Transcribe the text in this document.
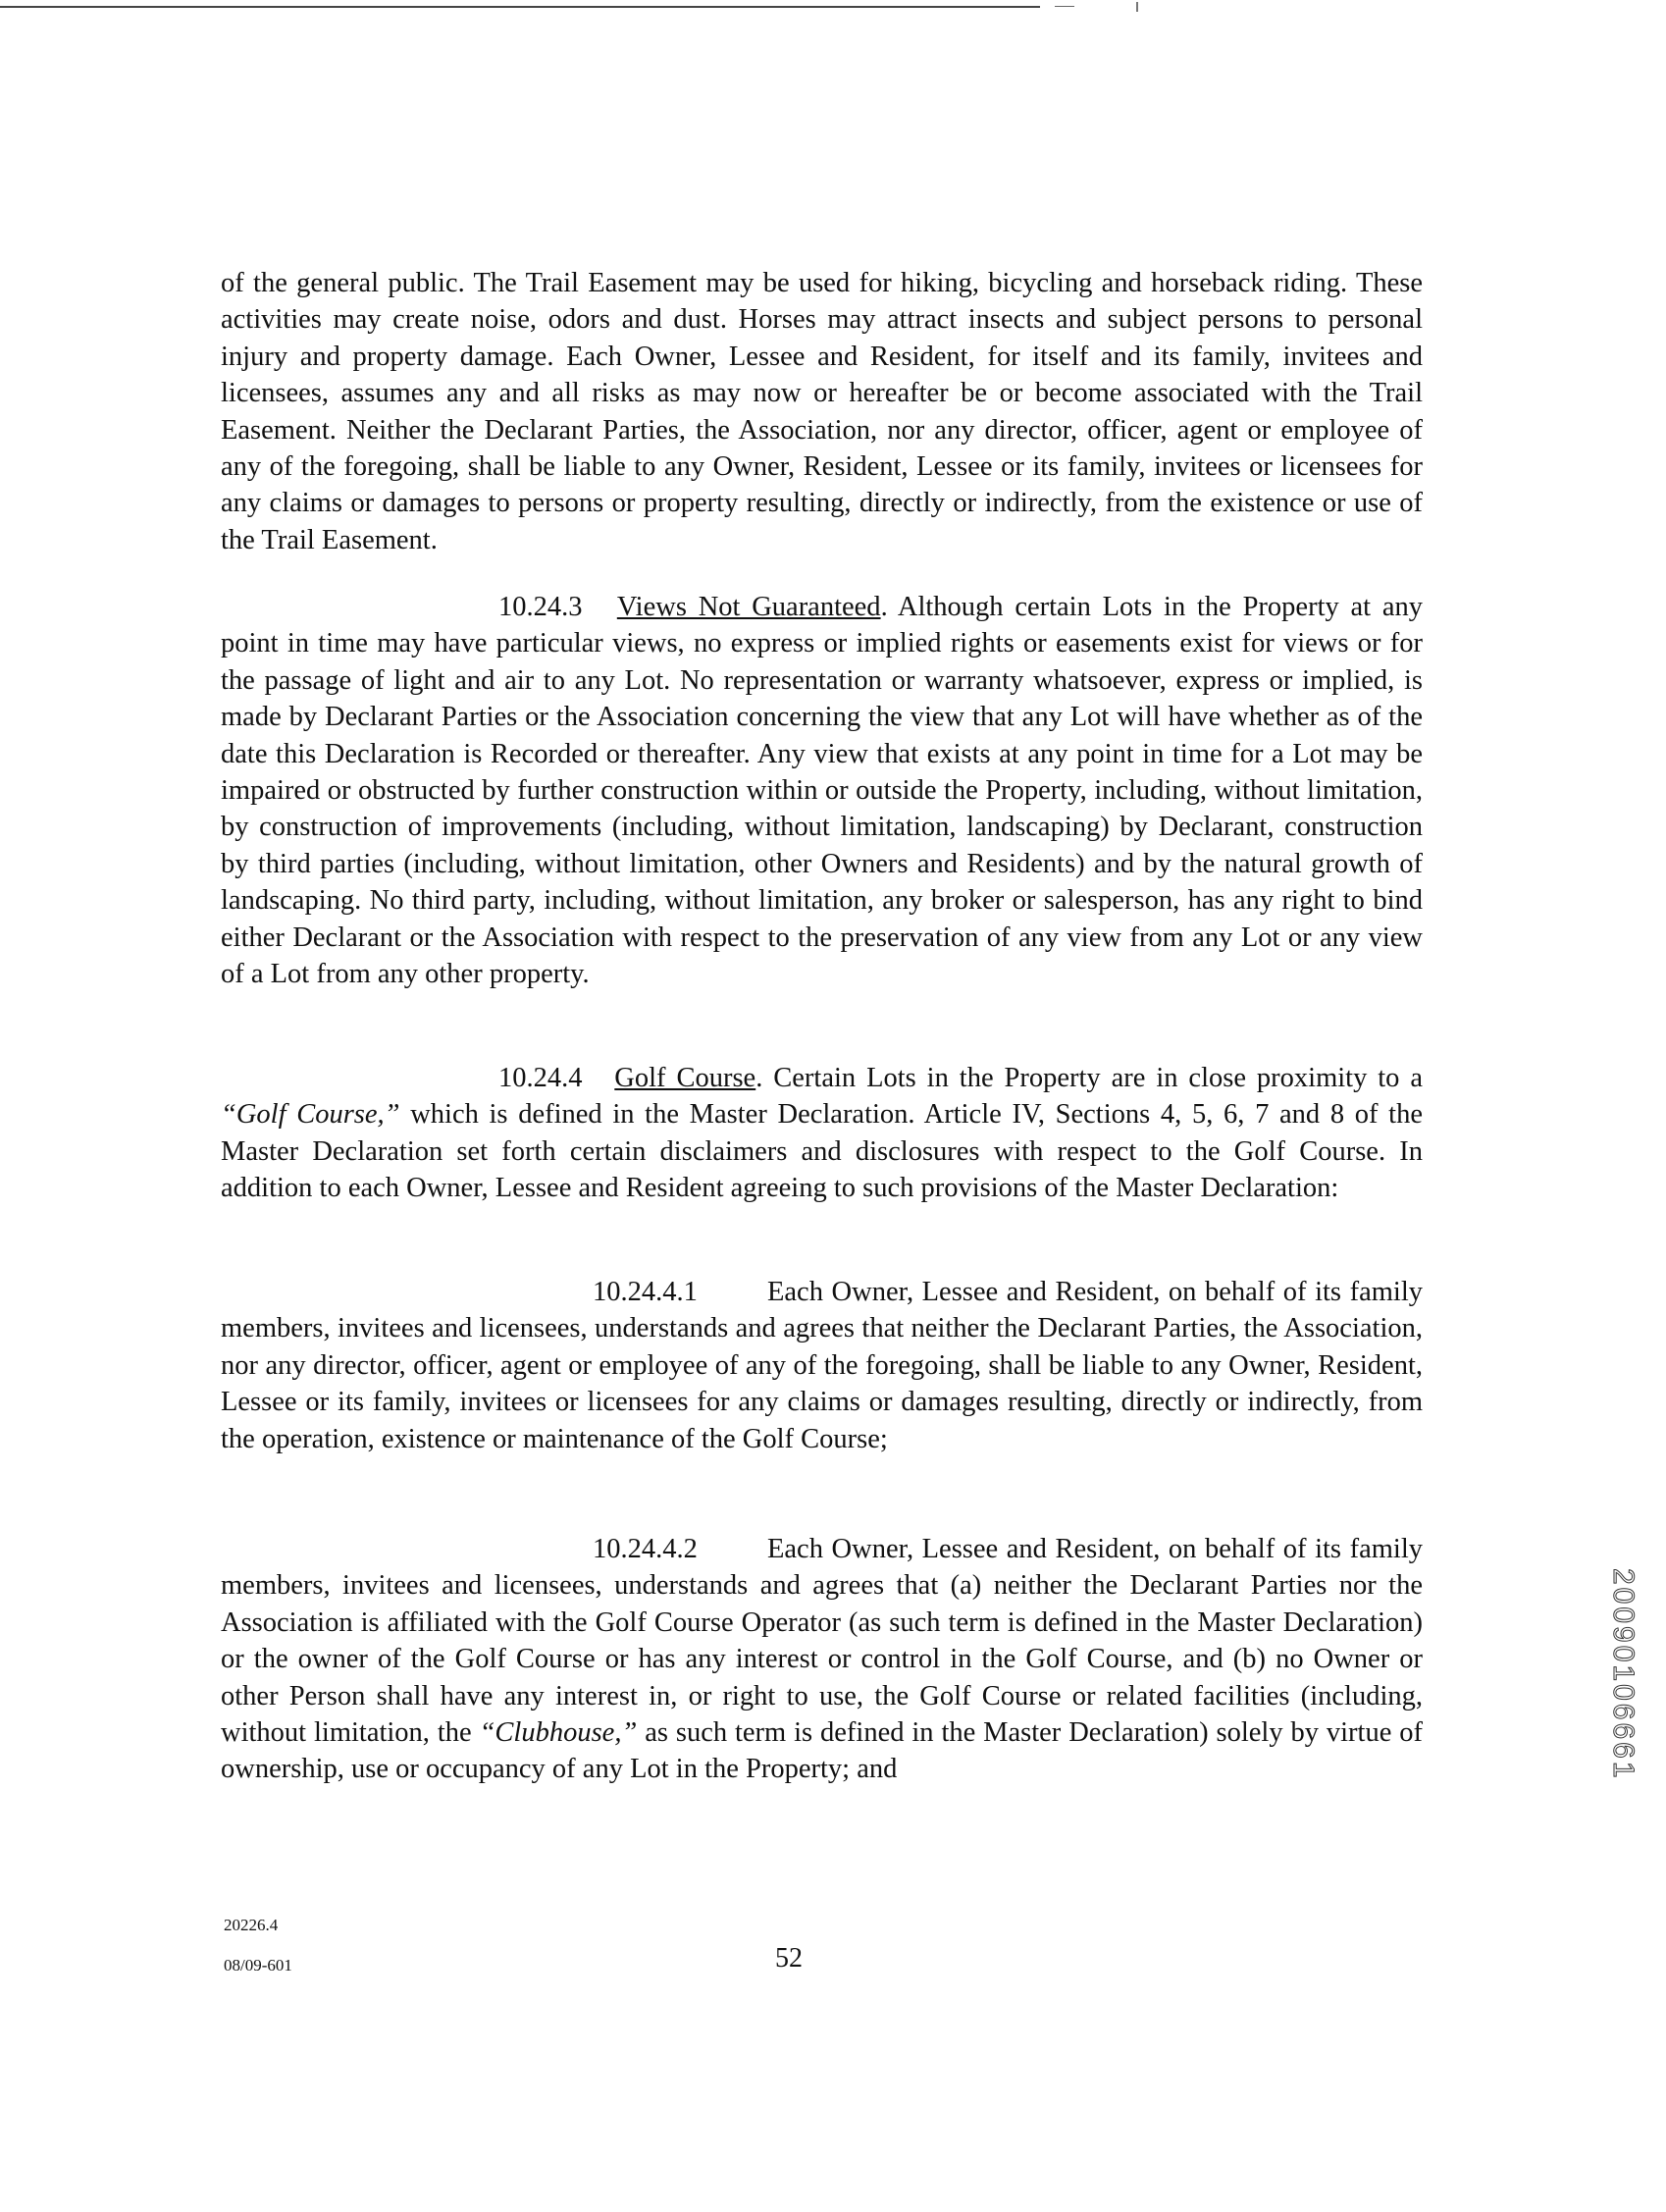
of the general public. The Trail Easement may be used for hiking, bicycling and horseback riding. These activities may create noise, odors and dust. Horses may attract insects and subject persons to personal injury and property damage. Each Owner, Lessee and Resident, for itself and its family, invitees and licensees, assumes any and all risks as may now or hereafter be or become associated with the Trail Easement. Neither the Declarant Parties, the Association, nor any director, officer, agent or employee of any of the foregoing, shall be liable to any Owner, Resident, Lessee or its family, invitees or licensees for any claims or damages to persons or property resulting, directly or indirectly, from the existence or use of the Trail Easement.

10.24.3 Views Not Guaranteed. Although certain Lots in the Property at any point in time may have particular views, no express or implied rights or easements exist for views or for the passage of light and air to any Lot. No representation or warranty whatsoever, express or implied, is made by Declarant Parties or the Association concerning the view that any Lot will have whether as of the date this Declaration is Recorded or thereafter. Any view that exists at any point in time for a Lot may be impaired or obstructed by further construction within or outside the Property, including, without limitation, by construction of improvements (including, without limitation, landscaping) by Declarant, construction by third parties (including, without limitation, other Owners and Residents) and by the natural growth of landscaping. No third party, including, without limitation, any broker or salesperson, has any right to bind either Declarant or the Association with respect to the preservation of any view from any Lot or any view of a Lot from any other property.

10.24.4 Golf Course. Certain Lots in the Property are in close proximity to a “Golf Course,” which is defined in the Master Declaration. Article IV, Sections 4, 5, 6, 7 and 8 of the Master Declaration set forth certain disclaimers and disclosures with respect to the Golf Course. In addition to each Owner, Lessee and Resident agreeing to such provisions of the Master Declaration:

10.24.4.1 Each Owner, Lessee and Resident, on behalf of its family members, invitees and licensees, understands and agrees that neither the Declarant Parties, the Association, nor any director, officer, agent or employee of any of the foregoing, shall be liable to any Owner, Resident, Lessee or its family, invitees or licensees for any claims or damages resulting, directly or indirectly, from the operation, existence or maintenance of the Golf Course;

10.24.4.2 Each Owner, Lessee and Resident, on behalf of its family members, invitees and licensees, understands and agrees that (a) neither the Declarant Parties nor the Association is affiliated with the Golf Course Operator (as such term is defined in the Master Declaration) or the owner of the Golf Course or has any interest or control in the Golf Course, and (b) no Owner or other Person shall have any interest in, or right to use, the Golf Course or related facilities (including, without limitation, the “Clubhouse,” as such term is defined in the Master Declaration) solely by virtue of ownership, use or occupancy of any Lot in the Property; and

20226.4
08/09-601	52
20090106661
